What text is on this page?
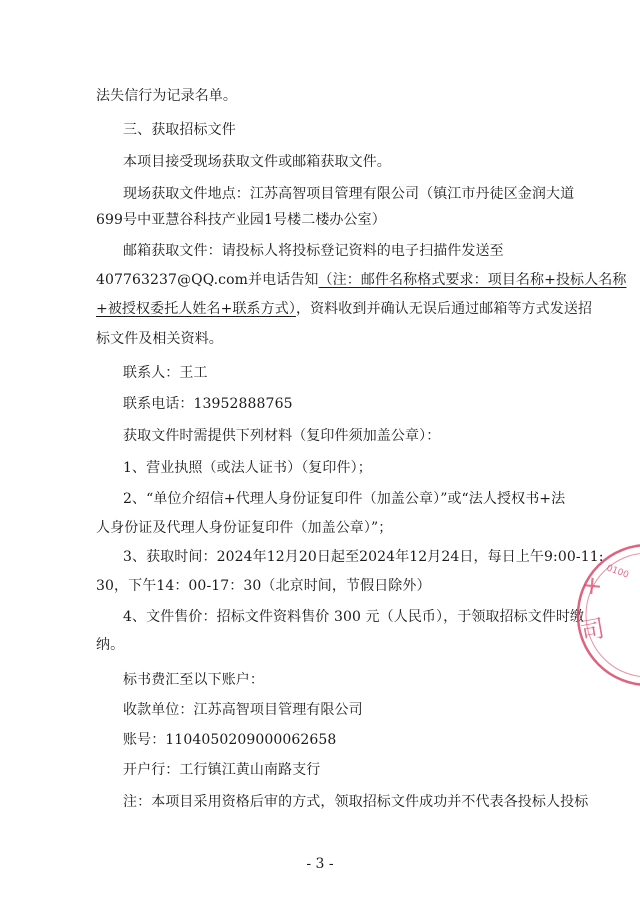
法失信行为记录名单。
三、获取招标文件
本项目接受现场获取文件或邮箱获取文件。
现场获取文件地点：江苏高智项目管理有限公司（镇江市丹徒区金润大道
699号中亚慧谷科技产业园1号楼二楼办公室）
邮箱获取文件：请投标人将投标登记资料的电子扫描件发送至
407763237@QQ.com并电话告知（注：邮件名称格式要求：项目名称+投标人名称
+被授权委托人姓名+联系方式），资料收到并确认无误后通过邮箱等方式发送招
标文件及相关资料。
联系人：王工
联系电话：13952888765
获取文件时需提供下列材料（复印件须加盖公章）：
1、营业执照（或法人证书）（复印件）；
2、“单位介绍信+代理人身份证复印件（加盖公章）”或“法人授权书+法
人身份证及代理人身份证复印件（加盖公章）”；
3、获取时间：2024年12月20日起至2024年12月24日，每日上午9:00-11:
30，下午14：00-17：30（北京时间，节假日除外）
4、文件售价：招标文件资料售价 300 元（人民币），于领取招标文件时缴
纳。
标书费汇至以下账户：
收款单位：江苏高智项目管理有限公司
账号：1104050209000062658
开户行：工行镇江黄山南路支行
注：本项目采用资格后审的方式，领取招标文件成功并不代表各投标人投标
- 3 -
0100
✕
司
